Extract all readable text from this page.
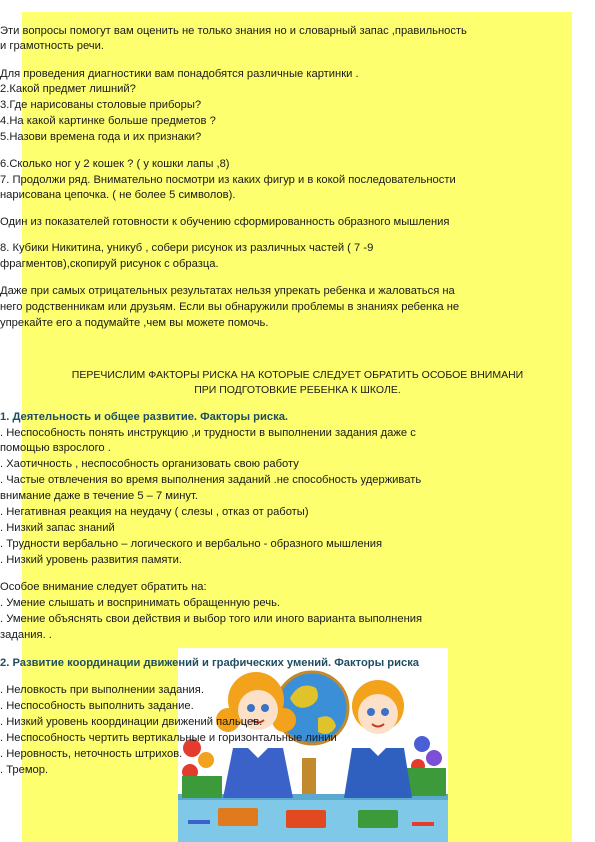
Эти вопросы помогут вам оценить не только знания но и словарный запас ,правильность
и грамотность речи.
Для проведения диагностики вам понадобятся различные картинки .
2.Какой предмет лишний?
3.Где нарисованы столовые приборы?
4.На какой картинке больше предметов ?
5.Назови времена года и их признаки?
6.Сколько ног у 2 кошек ? ( у кошки лапы ,8)
7. Продолжи ряд. Внимательно посмотри из каких фигур и в кокой последовательности
нарисована цепочка. ( не более 5 символов).
Один из показателей готовности к обучению сформированность образного мышления
8. Кубики Никитина, уникуб , собери рисунок из различных частей ( 7 -9
фрагментов),скопируй рисунок с образца.
Даже при самых отрицательных результатах нельзя упрекать ребенка и жаловаться на
него родственникам или друзьям. Если вы обнаружили проблемы в знаниях ребенка не
упрекайте его а подумайте ,чем вы можете помочь.
ПЕРЕЧИСЛИМ ФАКТОРЫ РИСКА НА КОТОРЫЕ СЛЕДУЕТ ОБРАТИТЬ ОСОБОЕ ВНИМАНИ
ПРИ ПОДГОТОВКИЕ РЕБЕНКА К ШКОЛЕ.
1. Деятельность и общее развитие. Факторы риска.
. Неспособность понять инструкцию ,и трудности в выполнении задания даже с
помощью взрослого .
. Хаотичность , неспособность организовать свою работу
. Частые отвлечения во время выполнения заданий .не способность удерживать
внимание даже в течение 5 – 7 минут.
. Негативная реакция на неудачу ( слезы , отказ от работы)
. Низкий запас знаний
. Трудности вербально – логического и вербально - образного мышления
. Низкий уровень развития памяти.
Особое внимание следует обратить на:
. Умение слышать и воспринимать обращенную речь.
. Умение объяснять свои действия и выбор того или иного варианта выполнения
задания. .
2. Развитие координации движений и графических умений. Факторы риска
. Неловкость при выполнении задания.
. Неспособность выполнить задание.
. Низкий уровень координации движений пальцев.
. Неспособность чертить вертикальные и горизонтальные линии
. Неровность, неточность штрихов.
. Тремор.
